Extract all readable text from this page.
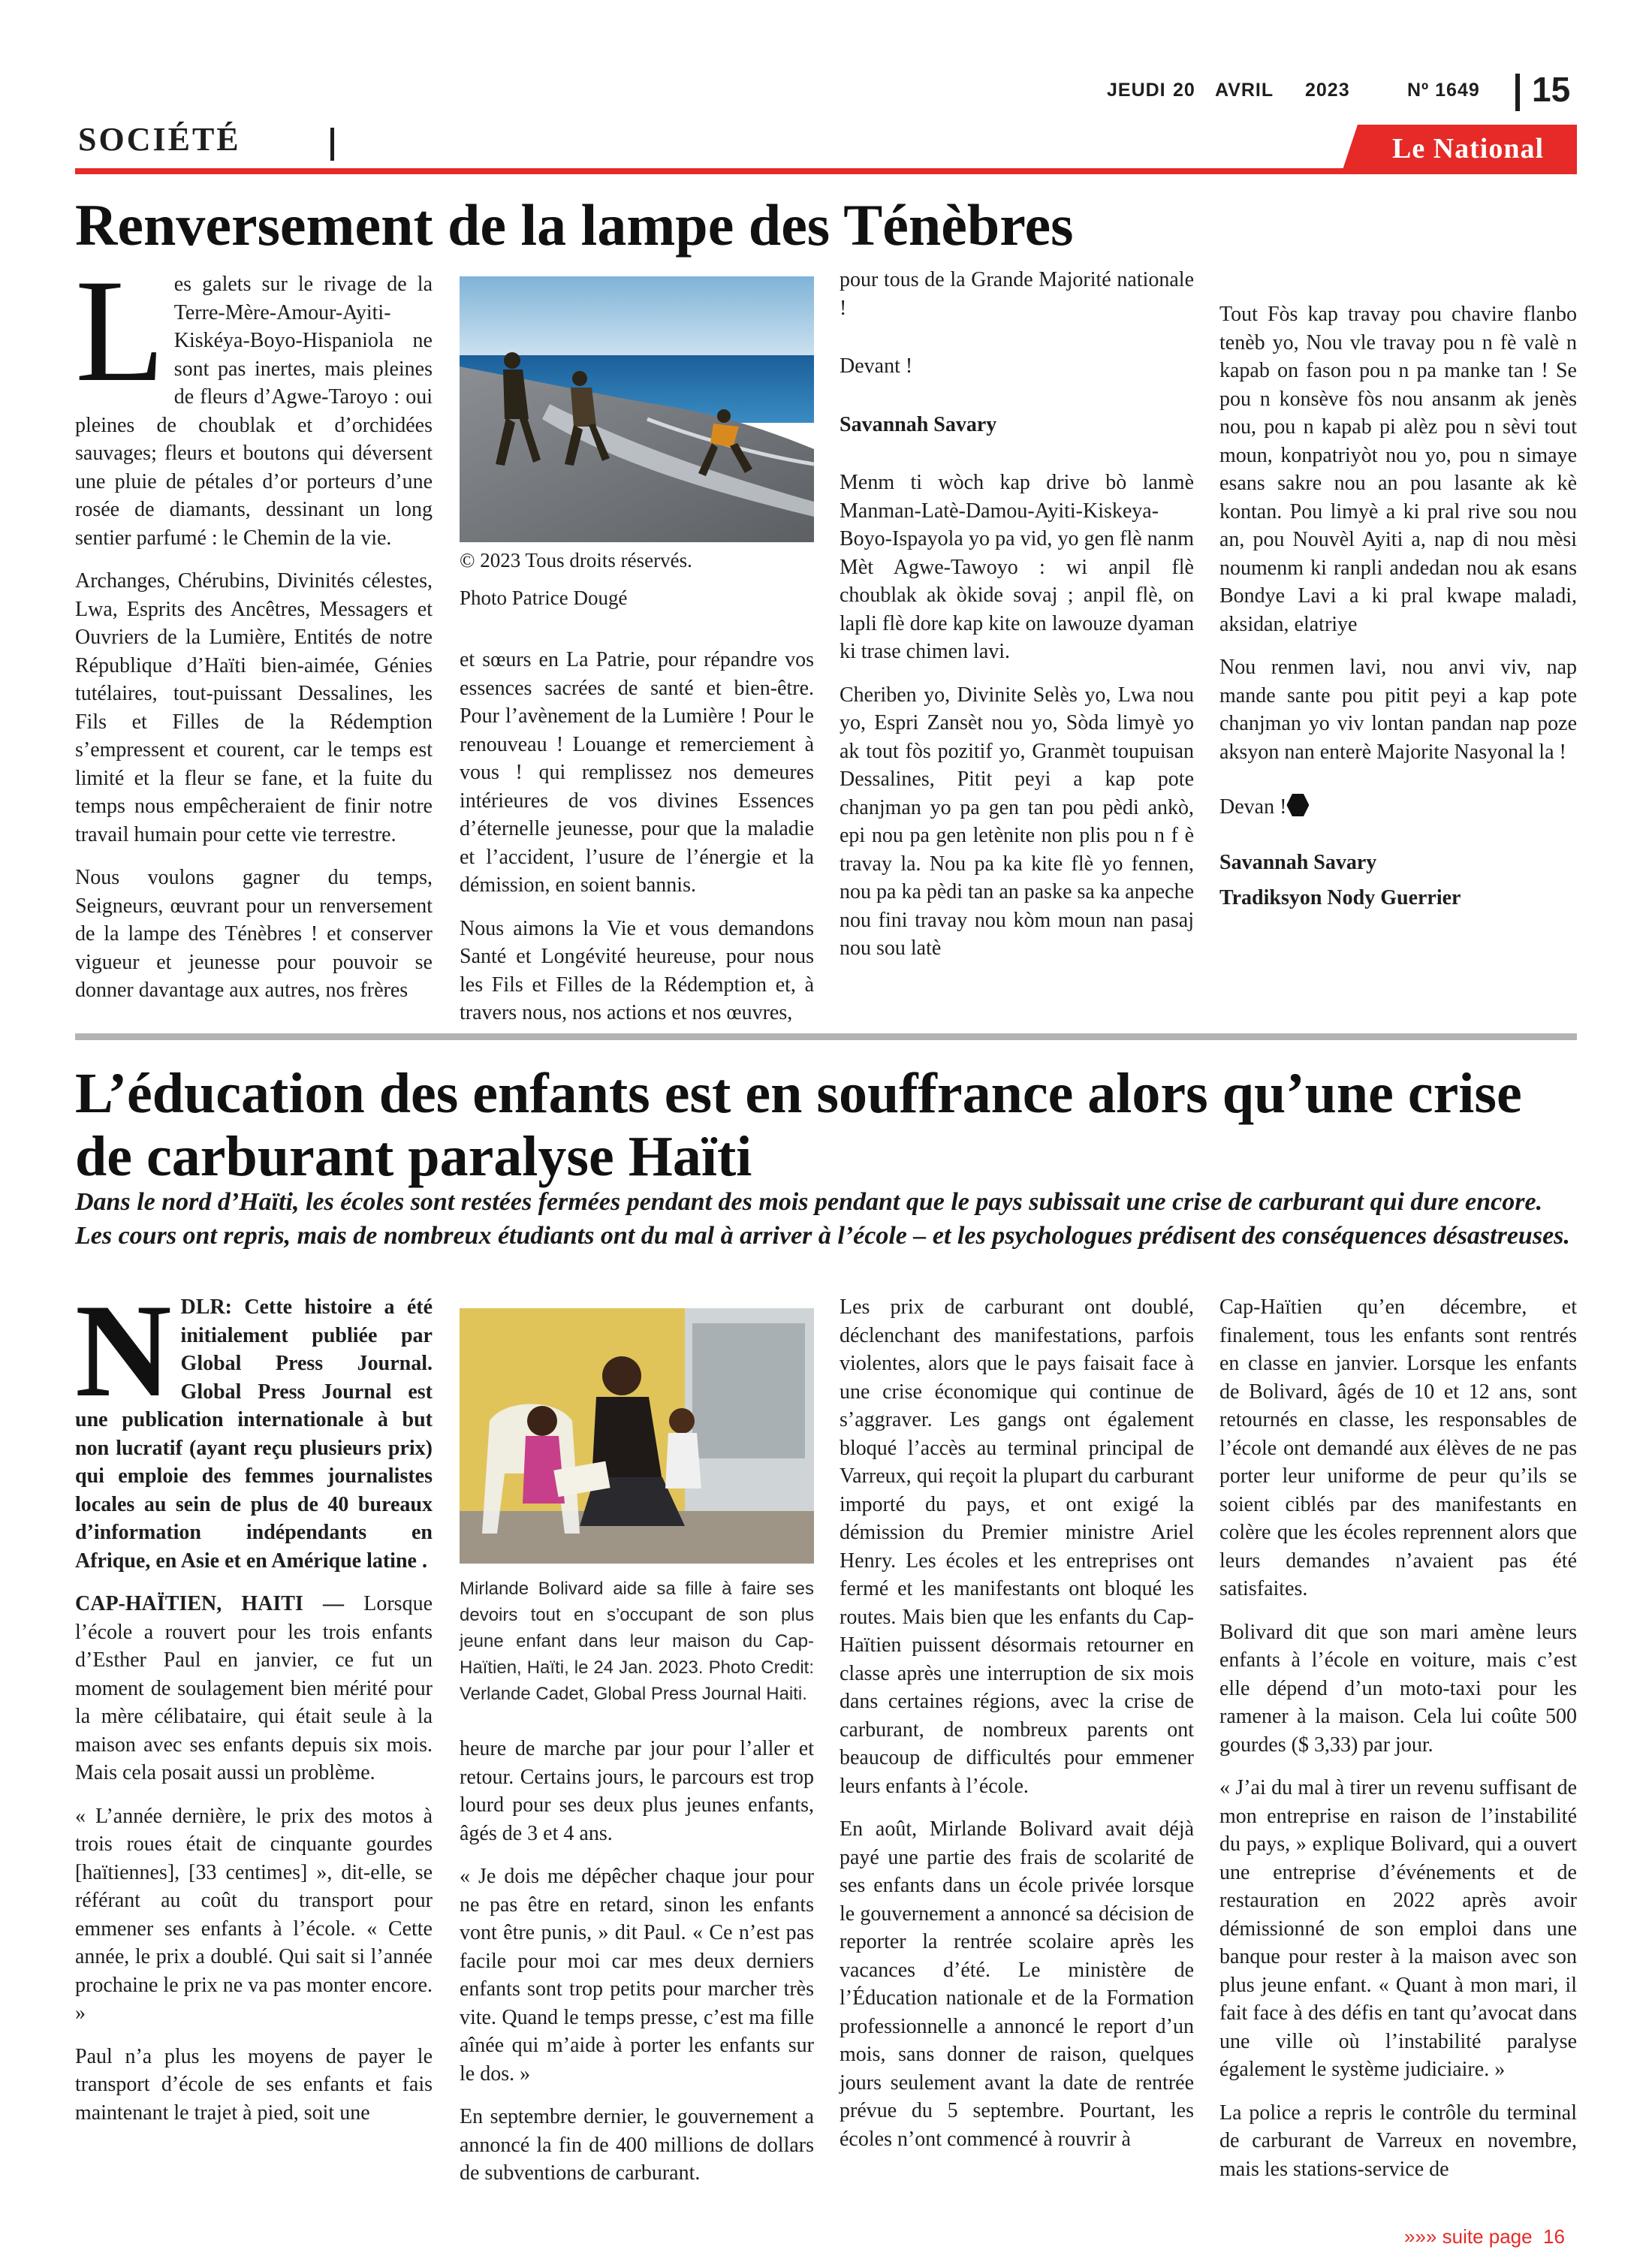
JEUDI 20 AVRIL 2023	Nº 1649 15
SOCIÉTÉ	Le National
Renversement de la lampe des Ténèbres

Les galets sur le rivage de la Terre-Mère-Amour-Ayiti-Kiskéya-Boyo-Hispaniola ne sont pas inertes, mais pleines de fleurs d’Agwe-Taroyo : oui pleines de choublak et d’orchidées sauvages; fleurs et boutons qui déversent une pluie de pétales d’or porteurs d’une rosée de diamants, dessinant un long sentier parfumé : le Chemin de la vie.

Archanges, Chérubins, Divinités célestes, Lwa, Esprits des Ancêtres, Messagers et Ouvriers de la Lumière, Entités de notre République d’Haïti bien-aimée, Génies tutélaires, tout-puissant Dessalines, les Fils et Filles de la Rédemption s’empressent et courent, car le temps est limité et la fleur se fane, et la fuite du temps nous empêcheraient de finir notre travail humain pour cette vie terrestre.

Nous voulons gagner du temps, Seigneurs, œuvrant pour un renversement de la lampe des Ténèbres ! et conserver vigueur et jeunesse pour pouvoir se donner davantage aux autres, nos frères

© 2023 Tous droits réservés.
Photo Patrice Dougé

et sœurs en La Patrie, pour répandre vos essences sacrées de santé et bien-être. Pour l’avènement de la Lumière ! Pour le renouveau ! Louange et remerciement à vous ! qui remplissez nos demeures intérieures de vos divines Essences d’éternelle jeunesse, pour que la maladie et l’accident, l’usure de l’énergie et la démission, en soient bannis.

Nous aimons la Vie et vous demandons Santé et Longévité heureuse, pour nous les Fils et Filles de la Rédemption et, à travers nous, nos actions et nos œuvres,

pour tous de la Grande Majorité nationale !

Devant !

Savannah Savary

Menm ti wòch kap drive bò lanmè Manman-Latè-Damou-Ayiti-Kiskeya-Boyo-Ispayola yo pa vid, yo gen flè nanm Mèt Agwe-Tawoyo : wi anpil flè choublak ak òkide sovaj ; anpil flè, on lapli flè dore kap kite on lawouze dyaman ki trase chimen lavi.

Cheriben yo, Divinite Selès yo, Lwa nou yo, Espri Zansèt nou yo, Sòda limyè yo ak tout fòs pozitif yo, Granmèt toupuisan Dessalines, Pitit peyi a kap pote chanjman yo pa gen tan pou pèdi ankò, epi nou pa gen letènite non plis pou n f è travay la. Nou pa ka kite flè yo fennen, nou pa ka pèdi tan an paske sa ka anpeche nou fini travay nou kòm moun nan pasaj nou sou latè

Tout Fòs kap travay pou chavire flanbo tenèb yo, Nou vle travay pou n fè valè n kapab on fason pou n pa manke tan ! Se pou n konsève fòs nou ansanm ak jenès nou, pou n kapab pi alèz pou n sèvi tout moun, konpatriyòt nou yo, pou n simaye esans sakre nou an pou lasante ak kè kontan. Pou limyè a ki pral rive sou nou an, pou Nouvèl Ayiti a, nap di nou mèsi noumenm ki ranpli andedan nou ak esans Bondye Lavi a ki pral kwape maladi, aksidan, elatriye

Nou renmen lavi, nou anvi viv, nap mande sante pou pitit peyi a kap pote chanjman yo viv lontan pandan nap poze aksyon nan enterè Majorite Nasyonal la !

Devan !

Savannah Savary

Tradiksyon Nody Guerrier

L’éducation des enfants est en souffrance alors qu’une crise de carburant paralyse Haïti
Dans le nord d’Haïti, les écoles sont restées fermées pendant des mois pendant que le pays subissait une crise de carburant qui dure encore. Les cours ont repris, mais de nombreux étudiants ont du mal à arriver à l’école – et les psychologues prédisent des conséquences désastreuses.

NDLR: Cette histoire a été initialement publiée par Global Press Journal. Global Press Journal est une publication internationale à but non lucratif (ayant reçu plusieurs prix) qui emploie des femmes journalistes locales au sein de plus de 40 bureaux d’information indépendants en Afrique, en Asie et en Amérique latine .

CAP-HAÏTIEN, HAITI — Lorsque l’école a rouvert pour les trois enfants d’Esther Paul en janvier, ce fut un moment de soulagement bien mérité pour la mère célibataire, qui était seule à la maison avec ses enfants depuis six mois. Mais cela posait aussi un problème.

« L’année dernière, le prix des motos à trois roues était de cinquante gourdes [haïtiennes], [33 centimes] », dit-elle, se référant au coût du transport pour emmener ses enfants à l’école. « Cette année, le prix a doublé. Qui sait si l’année prochaine le prix ne va pas monter encore. »

Paul n’a plus les moyens de payer le transport d’école de ses enfants et fais maintenant le trajet à pied, soit une

Mirlande Bolivard aide sa fille à faire ses devoirs tout en s’occupant de son plus jeune enfant dans leur maison du Cap-Haïtien, Haïti, le 24 Jan. 2023. Photo Credit: Verlande Cadet, Global Press Journal Haiti.

heure de marche par jour pour l’aller et retour. Certains jours, le parcours est trop lourd pour ses deux plus jeunes enfants, âgés de 3 et 4 ans.

« Je dois me dépêcher chaque jour pour ne pas être en retard, sinon les enfants vont être punis, » dit Paul. « Ce n’est pas facile pour moi car mes deux derniers enfants sont trop petits pour marcher très vite. Quand le temps presse, c’est ma fille aînée qui m’aide à porter les enfants sur le dos. »

En septembre dernier, le gouvernement a annoncé la fin de 400 millions de dollars de subventions de carburant.

Les prix de carburant ont doublé, déclenchant des manifestations, parfois violentes, alors que le pays faisait face à une crise économique qui continue de s’aggraver. Les gangs ont également bloqué l’accès au terminal principal de Varreux, qui reçoit la plupart du carburant importé du pays, et ont exigé la démission du Premier ministre Ariel Henry. Les écoles et les entreprises ont fermé et les manifestants ont bloqué les routes. Mais bien que les enfants du Cap-Haïtien puissent désormais retourner en classe après une interruption de six mois dans certaines régions, avec la crise de carburant, de nombreux parents ont beaucoup de difficultés pour emmener leurs enfants à l’école.

En août, Mirlande Bolivard avait déjà payé une partie des frais de scolarité de ses enfants dans un école privée lorsque le gouvernement a annoncé sa décision de reporter la rentrée scolaire après les vacances d’été. Le ministère de l’Éducation nationale et de la Formation professionnelle a annoncé le report d’un mois, sans donner de raison, quelques jours seulement avant la date de rentrée prévue du 5 septembre. Pourtant, les écoles n’ont commencé à rouvrir à

Cap-Haïtien qu’en décembre, et finalement, tous les enfants sont rentrés en classe en janvier. Lorsque les enfants de Bolivard, âgés de 10 et 12 ans, sont retournés en classe, les responsables de l’école ont demandé aux élèves de ne pas porter leur uniforme de peur qu’ils se soient ciblés par des manifestants en colère que les écoles reprennent alors que leurs demandes n’avaient pas été satisfaites.

Bolivard dit que son mari amène leurs enfants à l’école en voiture, mais c’est elle dépend d’un moto-taxi pour les ramener à la maison. Cela lui coûte 500 gourdes ($ 3,33) par jour.

« J’ai du mal à tirer un revenu suffisant de mon entreprise en raison de l’instabilité du pays, » explique Bolivard, qui a ouvert une entreprise d’événements et de restauration en 2022 après avoir démissionné de son emploi dans une banque pour rester à la maison avec son plus jeune enfant. « Quant à mon mari, il fait face à des défis en tant qu’avocat dans une ville où l’instabilité paralyse également le système judiciaire. »

La police a repris le contrôle du terminal de carburant de Varreux en novembre, mais les stations-service de

»»» suite page 16
